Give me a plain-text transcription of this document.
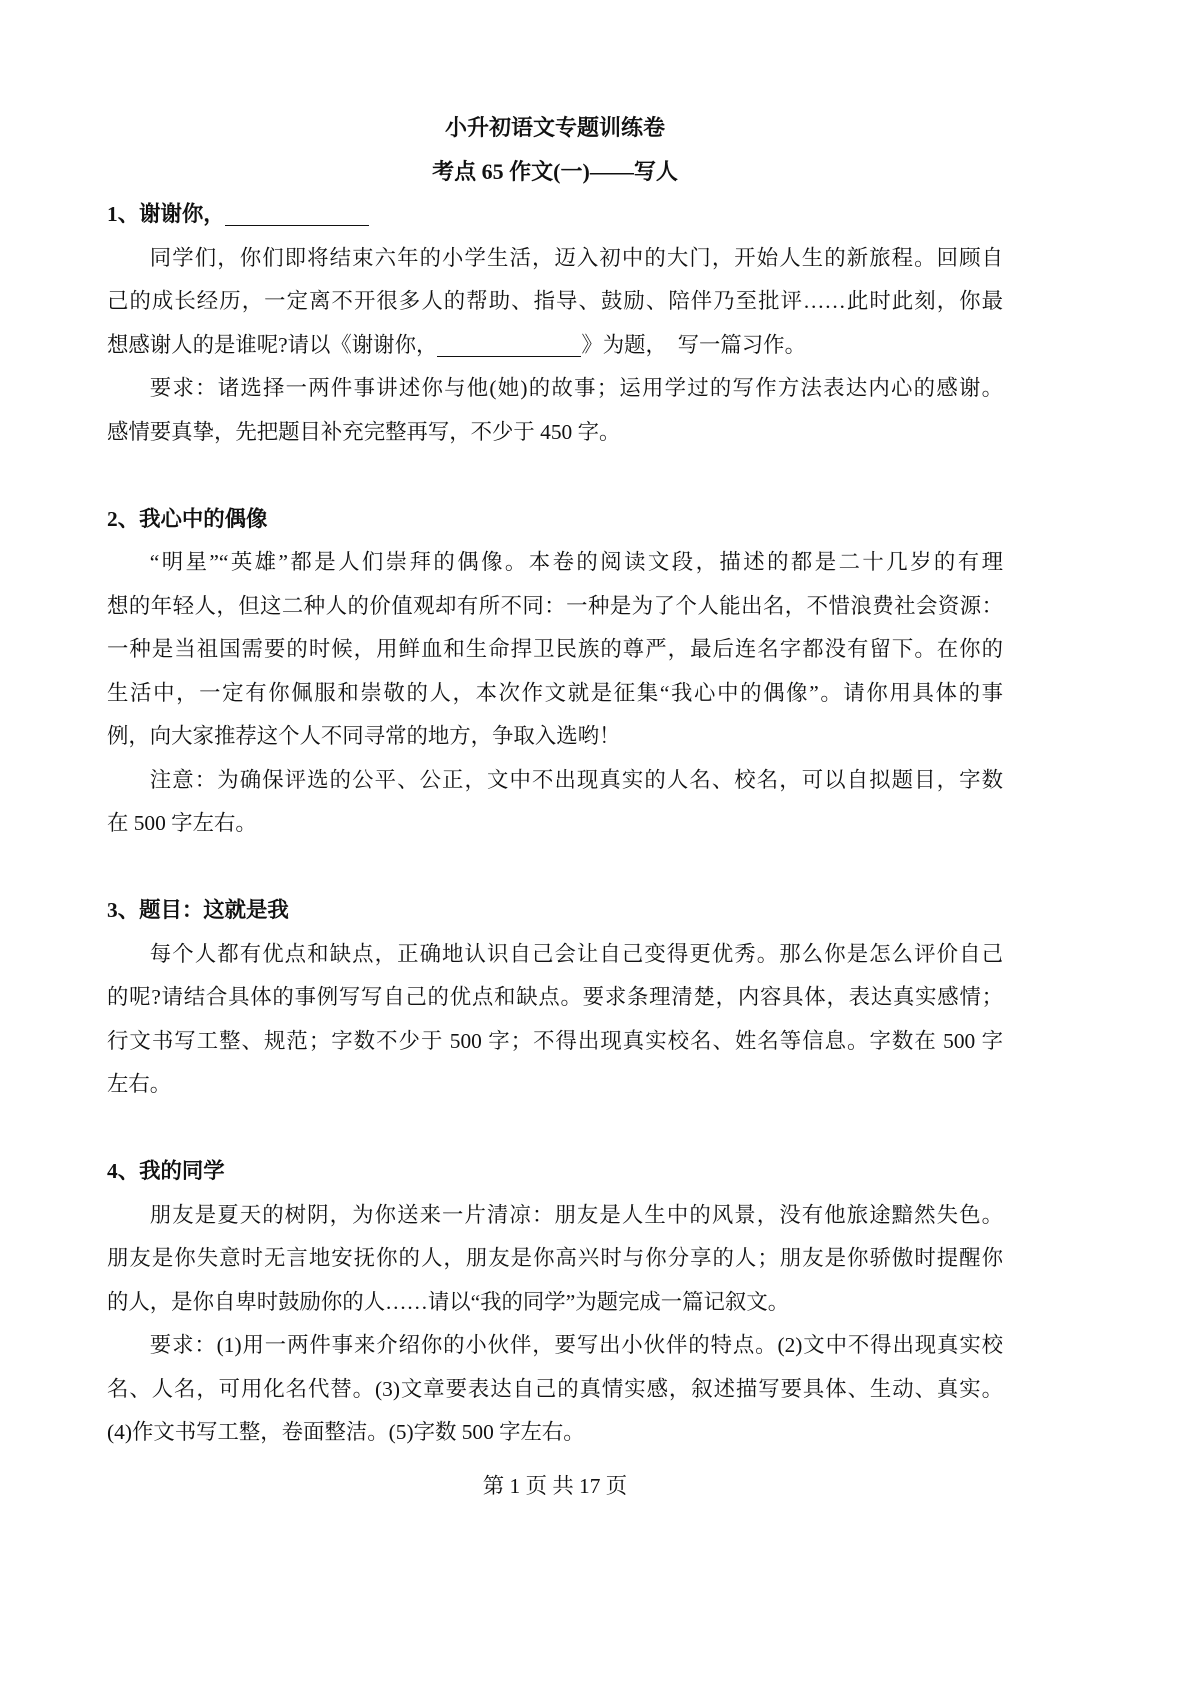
小升初语文专题训练卷
考点 65 作文(一)——写人
1、谢谢你，
同学们，你们即将结束六年的小学生活，迈入初中的大门，开始人生的新旅程。回顾自
己的成长经历，一定离不开很多人的帮助、指导、鼓励、陪伴乃至批评……此时此刻，你最
想感谢人的是谁呢?请以《谢谢你，	》为题，  写一篇习作。
要求：诸选择一两件事讲述你与他(她)的故事；运用学过的写作方法表达内心的感谢。
感情要真挚，先把题目补充完整再写，不少于 450 字。
2、我心中的偶像
“明星”“英雄”都是人们崇拜的偶像。本卷的阅读文段，描述的都是二十几岁的有理
想的年轻人，但这二种人的价值观却有所不同：一种是为了个人能出名，不惜浪费社会资源：
一种是当祖国需要的时候，用鲜血和生命捍卫民族的尊严，最后连名字都没有留下。在你的
生活中，一定有你佩服和崇敬的人，本次作文就是征集“我心中的偶像”。请你用具体的事
例，向大家推荐这个人不同寻常的地方，争取入选哟！
注意：为确保评选的公平、公正，文中不出现真实的人名、校名，可以自拟题目，字数
在 500 字左右。
3、题目：这就是我
每个人都有优点和缺点，正确地认识自己会让自己变得更优秀。那么你是怎么评价自己
的呢?请结合具体的事例写写自己的优点和缺点。要求条理清楚，内容具体，表达真实感情；
行文书写工整、规范；字数不少于 500 字；不得出现真实校名、姓名等信息。字数在 500 字
左右。
4、我的同学
朋友是夏天的树阴，为你送来一片清凉：朋友是人生中的风景，没有他旅途黯然失色。
朋友是你失意时无言地安抚你的人，朋友是你高兴时与你分享的人；朋友是你骄傲时提醒你
的人，是你自卑时鼓励你的人……请以“我的同学”为题完成一篇记叙文。
要求：(1)用一两件事来介绍你的小伙伴，要写出小伙伴的特点。(2)文中不得出现真实校
名、人名，可用化名代替。(3)文章要表达自己的真情实感，叙述描写要具体、生动、真实。
(4)作文书写工整，卷面整洁。(5)字数 500 字左右。
第 1 页 共 17 页
